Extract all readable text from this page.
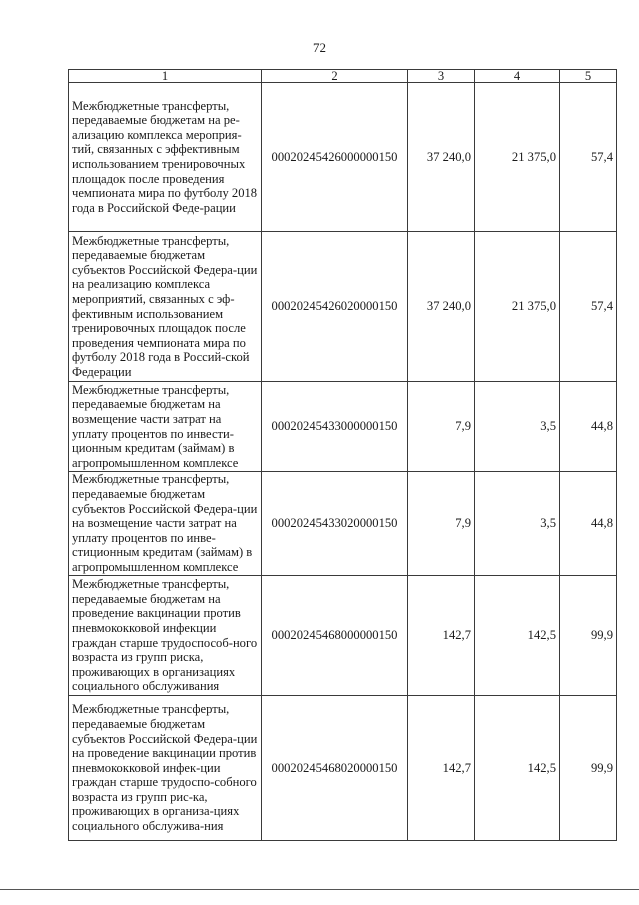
72
1	2	3	4	5
Межбюджетные трансферты, передаваемые бюджетам на ре-ализацию комплекса мероприя-тий, связанных с эффективным использованием тренировочных площадок после проведения чемпионата мира по футболу 2018 года в Российской Феде-рации	00020245426000000150	37 240,0	21 375,0	57,4
Межбюджетные трансферты, передаваемые бюджетам субъектов Российской Федера-ции на реализацию комплекса мероприятий, связанных с эф-фективным использованием тренировочных площадок после проведения чемпионата мира по футболу 2018 года в Россий-ской Федерации	00020245426020000150	37 240,0	21 375,0	57,4
Межбюджетные трансферты, передаваемые бюджетам на возмещение части затрат на уплату процентов по инвести-ционным кредитам (займам) в агропромышленном комплексе	00020245433000000150	7,9	3,5	44,8
Межбюджетные трансферты, передаваемые бюджетам субъектов Российской Федера-ции на возмещение части затрат на уплату процентов по инве-стиционным кредитам (займам) в агропромышленном комплексе	00020245433020000150	7,9	3,5	44,8
Межбюджетные трансферты, передаваемые бюджетам на проведение вакцинации против пневмококковой инфекции граждан старше трудоспособ-ного возраста из групп риска, проживающих в организациях социального обслуживания	00020245468000000150	142,7	142,5	99,9
Межбюджетные трансферты, передаваемые бюджетам субъектов Российской Федера-ции на проведение вакцинации против пневмококковой инфек-ции граждан старше трудоспо-собного возраста из групп рис-ка, проживающих в организа-циях социального обслужива-ния	00020245468020000150	142,7	142,5	99,9
